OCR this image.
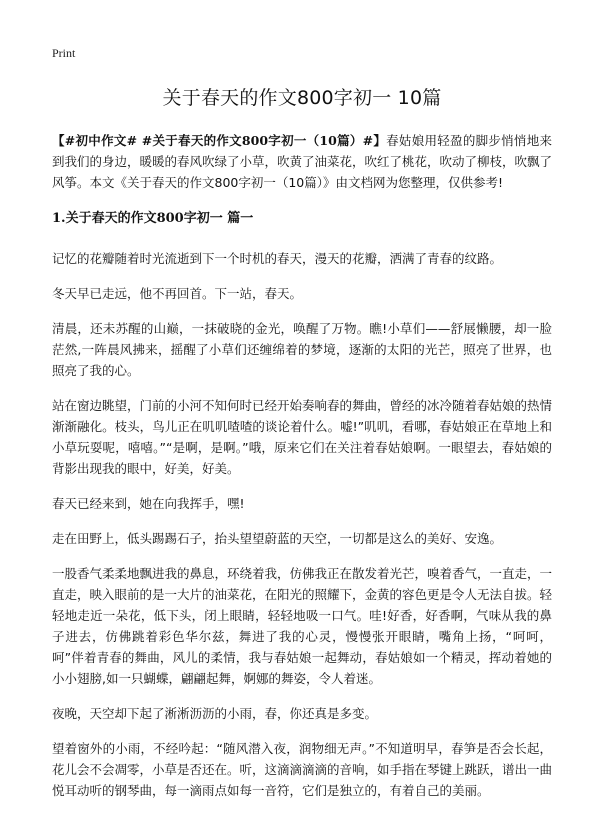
Print
关于春天的作文800字初一 10篇

【#初中作文# #关于春天的作文800字初一（10篇）#】春姑娘用轻盈的脚步悄悄地来到我们的身边，暖暖的春风吹绿了小草，吹黄了油菜花，吹红了桃花，吹动了柳枝，吹飘了风筝。本文《关于春天的作文800字初一（10篇）》由文档网为您整理，仅供参考!

1.关于春天的作文800字初一 篇一

记忆的花瓣随着时光流逝到下一个时机的春天，漫天的花瓣，洒满了青春的纹路。

冬天早已走远，他不再回首。下一站，春天。

清晨，还未苏醒的山巅，一抹破晓的金光，唤醒了万物。瞧!小草们——舒展懒腰，却一脸茫然,一阵晨风拂来，摇醒了小草们还缠绵着的梦境，逐渐的太阳的光芒，照亮了世界，也照亮了我的心。

站在窗边眺望，门前的小河不知何时已经开始奏响春的舞曲，曾经的冰冷随着春姑娘的热情渐渐融化。枝头，鸟儿正在叽叽喳喳的谈论着什么。嘘!”叽叽，看哪，春姑娘正在草地上和小草玩耍呢，嘻嘻。”“是啊，是啊。”哦，原来它们在关注着春姑娘啊。一眼望去，春姑娘的背影出现我的眼中，好美，好美。

春天已经来到，她在向我挥手，嘿!

走在田野上，低头踢踢石子，抬头望望蔚蓝的天空，一切都是这么的美好、安逸。

一股香气柔柔地飘进我的鼻息，环绕着我，仿佛我正在散发着光芒，嗅着香气，一直走，一直走，映入眼前的是一大片的油菜花，在阳光的照耀下，金黄的容色更是令人无法自拔。轻轻地走近一朵花，低下头，闭上眼睛，轻轻地吸一口气。哇!好香，好香啊，气味从我的鼻子进去，仿佛跳着彩色华尔兹，舞进了我的心灵，慢慢张开眼睛，嘴角上扬，“呵呵，呵”伴着青春的舞曲，风儿的柔情，我与春姑娘一起舞动，春姑娘如一个精灵，挥动着她的小小翅膀,如一只蝴蝶，翩翩起舞，婀娜的舞姿，令人着迷。

夜晚，天空却下起了淅淅沥沥的小雨，春，你还真是多变。

望着窗外的小雨，不经吟起：“随风潜入夜，润物细无声。”不知道明早，春笋是否会长起，花儿会不会凋零，小草是否还在。听，这滴滴滴滴的音响，如手指在琴键上跳跃，谱出一曲悦耳动听的钢琴曲，每一滴雨点如每一音符，它们是独立的，有着自己的美丽。
